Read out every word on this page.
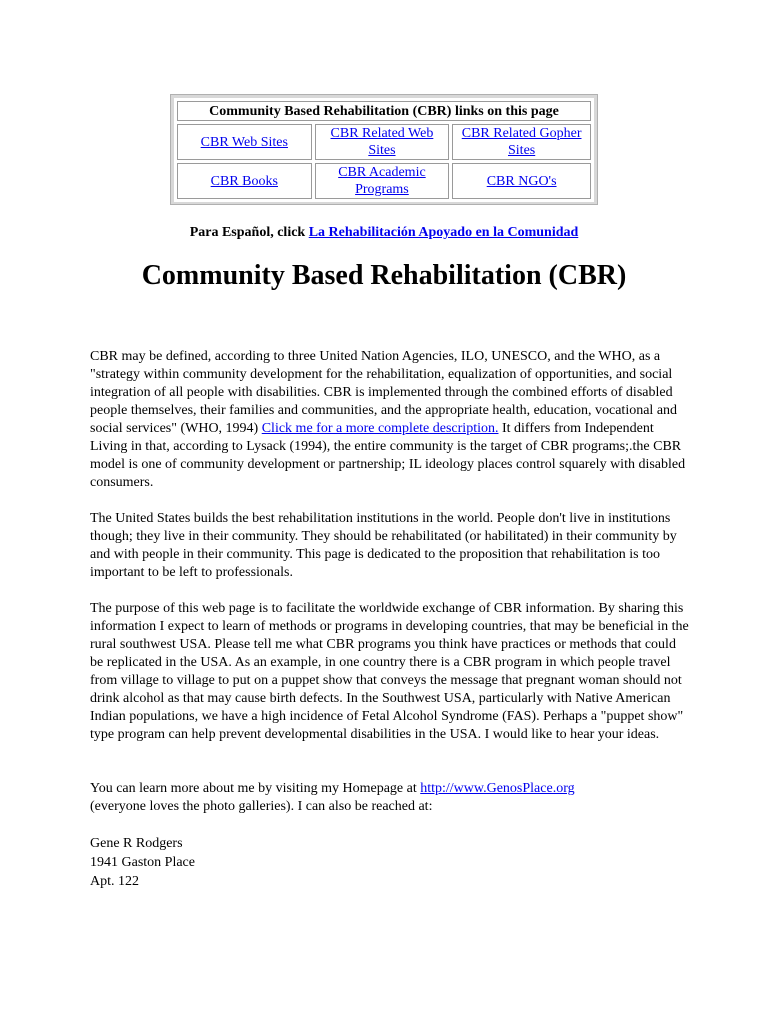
Community Based Rehabilitation (CBR) links on this page		
CBR Web Sites	CBR Related Web Sites	CBR Related Gopher Sites
CBR Books	CBR Academic Programs	CBR NGO's
Para Español, click La Rehabilitación Apoyado en la Comunidad
Community Based Rehabilitation (CBR)

CBR may be defined, according to three United Nation Agencies, ILO, UNESCO, and the WHO, as a "strategy within community development for the rehabilitation, equalization of opportunities, and social integration of all people with disabilities. CBR is implemented through the combined efforts of disabled people themselves, their families and communities, and the appropriate health, education, vocational and social services" (WHO, 1994) Click me for a more complete description. It differs from Independent Living in that, according to Lysack (1994), the entire community is the target of CBR programs;.the CBR model is one of community development or partnership; IL ideology places control squarely with disabled consumers.

The United States builds the best rehabilitation institutions in the world. People don't live in institutions though; they live in their community. They should be rehabilitated (or habilitated) in their community by and with people in their community. This page is dedicated to the proposition that rehabilitation is too important to be left to professionals.

The purpose of this web page is to facilitate the worldwide exchange of CBR information. By sharing this information I expect to learn of methods or programs in developing countries, that may be beneficial in the rural southwest USA. Please tell me what CBR programs you think have practices or methods that could be replicated in the USA. As an example, in one country there is a CBR program in which people travel from village to village to put on a puppet show that conveys the message that pregnant woman should not drink alcohol as that may cause birth defects. In the Southwest USA, particularly with Native American Indian populations, we have a high incidence of Fetal Alcohol Syndrome (FAS). Perhaps a "puppet show" type program can help prevent developmental disabilities in the USA. I would like to hear your ideas.

You can learn more about me by visiting my Homepage at http://www.GenosPlace.org
(everyone loves the photo galleries). I can also be reached at:

Gene R Rodgers
1941 Gaston Place
Apt. 122
